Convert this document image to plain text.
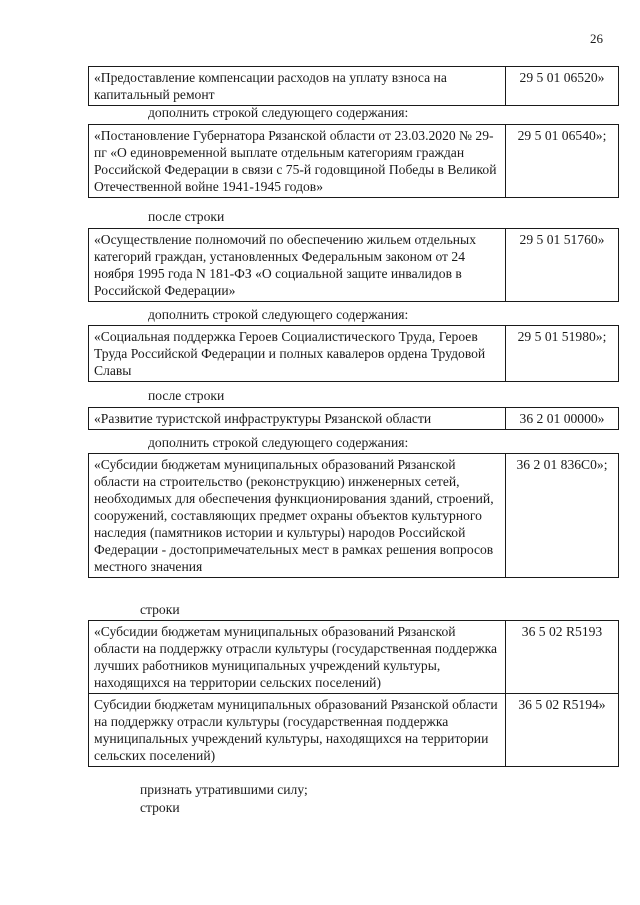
26
«Предоставление компенсации расходов на уплату взноса на капитальный ремонт	29 5 01 06520»
дополнить строкой следующего содержания:
«Постановление Губернатора Рязанской области от 23.03.2020 № 29-пг «О единовременной выплате отдельным категориям граждан Российской Федерации в связи с 75-й годовщиной Победы в Великой Отечественной войне 1941-1945 годов»	29 5 01 06540»;
после строки
«Осуществление полномочий по обеспечению жильем отдельных категорий граждан, установленных Федеральным законом от 24 ноября 1995 года N 181-ФЗ «О социальной защите инвалидов в Российской Федерации»	29 5 01 51760»
дополнить строкой следующего содержания:
«Социальная поддержка Героев Социалистического Труда, Героев Труда Российской Федерации и полных кавалеров ордена Трудовой Славы	29 5 01 51980»;
после строки
«Развитие туристской инфраструктуры Рязанской области	36 2 01 00000»
дополнить строкой следующего содержания:
«Субсидии бюджетам муниципальных образований Рязанской области на строительство (реконструкцию) инженерных сетей, необходимых для обеспечения функционирования зданий, строений, сооружений, составляющих предмет охраны объектов культурного наследия (памятников истории и культуры) народов Российской Федерации - достопримечательных мест в рамках решения вопросов местного значения	36 2 01 836С0»;
строки
«Субсидии бюджетам муниципальных образований Рязанской области на поддержку отрасли культуры (государственная поддержка лучших работников муниципальных учреждений культуры, находящихся на территории сельских поселений)	36 5 02 R5193
Субсидии бюджетам муниципальных образований Рязанской области на поддержку отрасли культуры (государственная поддержка муниципальных учреждений культуры, находящихся на территории сельских поселений)	36 5 02 R5194»
признать утратившими силу;
строки
